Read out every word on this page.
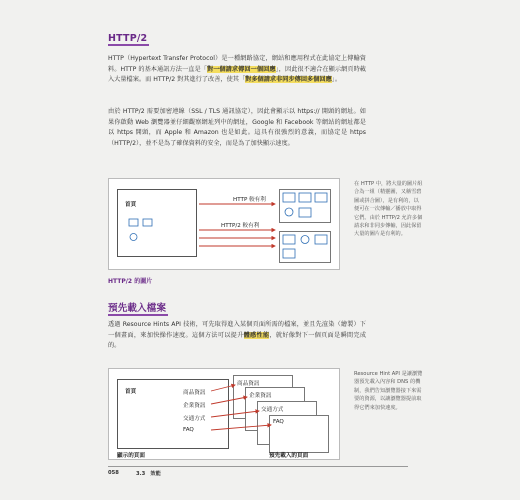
HTTP/2
HTTP（Hypertext Transfer Protocol）是一種網路協定，網站和應用程式在此協定上傳輸資料。HTTP 的基本通訊方法一直是「對一個請求傳回一個回應」，因此很不適合在顯示網頁時載入大量檔案。而 HTTP/2 對其進行了改善，使其「對多個請求非同步傳回多個回應」。
由於 HTTP/2 需要加密連線（SSL / TLS 通訊協定），因此會顯示以 https:// 開頭的網址。如果你啟動 Web 瀏覽器並仔細觀察網址列中的網址，Google 和 Facebook 等網站的網址都是以 https 開頭，而 Apple 和 Amazon 也是如此。這具有很強烈的意義，而協定是 https（HTTP/2），並不是為了確保資料的安全，而是為了加快顯示速度。
首頁
HTTP 較有利
HTTP/2 較有利
HTTP/2 的圖片
在 HTTP 中，將大量的圖片組合為一組（精靈圖，又稱雪碧圖或拼合圖），是有利的，以便可在一次傳輸／播放中取得它們。由於 HTTP/2 允許多個請求和非同步傳輸，因此保留大量的圖片是有利的。
預先載入檔案
透過 Resource Hints API 技術，可先取得進入某個頁面所需的檔案，並且先渲染（繪製）下一個畫面，來加快操作速度。這個方法可以提升體感性能，就好像對下一個頁面是瞬間完成的。
首頁	商品資訊
企業資訊
交通方式
FAQ
商品資訊
企業資訊
交通方式
FAQ
顯示的頁面	預先載入的頁面
Resource Hint API 是讓瀏覽器預先載入內容和 DNS 的機制，我們告知瀏覽器接下來需要的資源，以讓瀏覽器提前取得它們來加快速度。
058	3.3　效能
